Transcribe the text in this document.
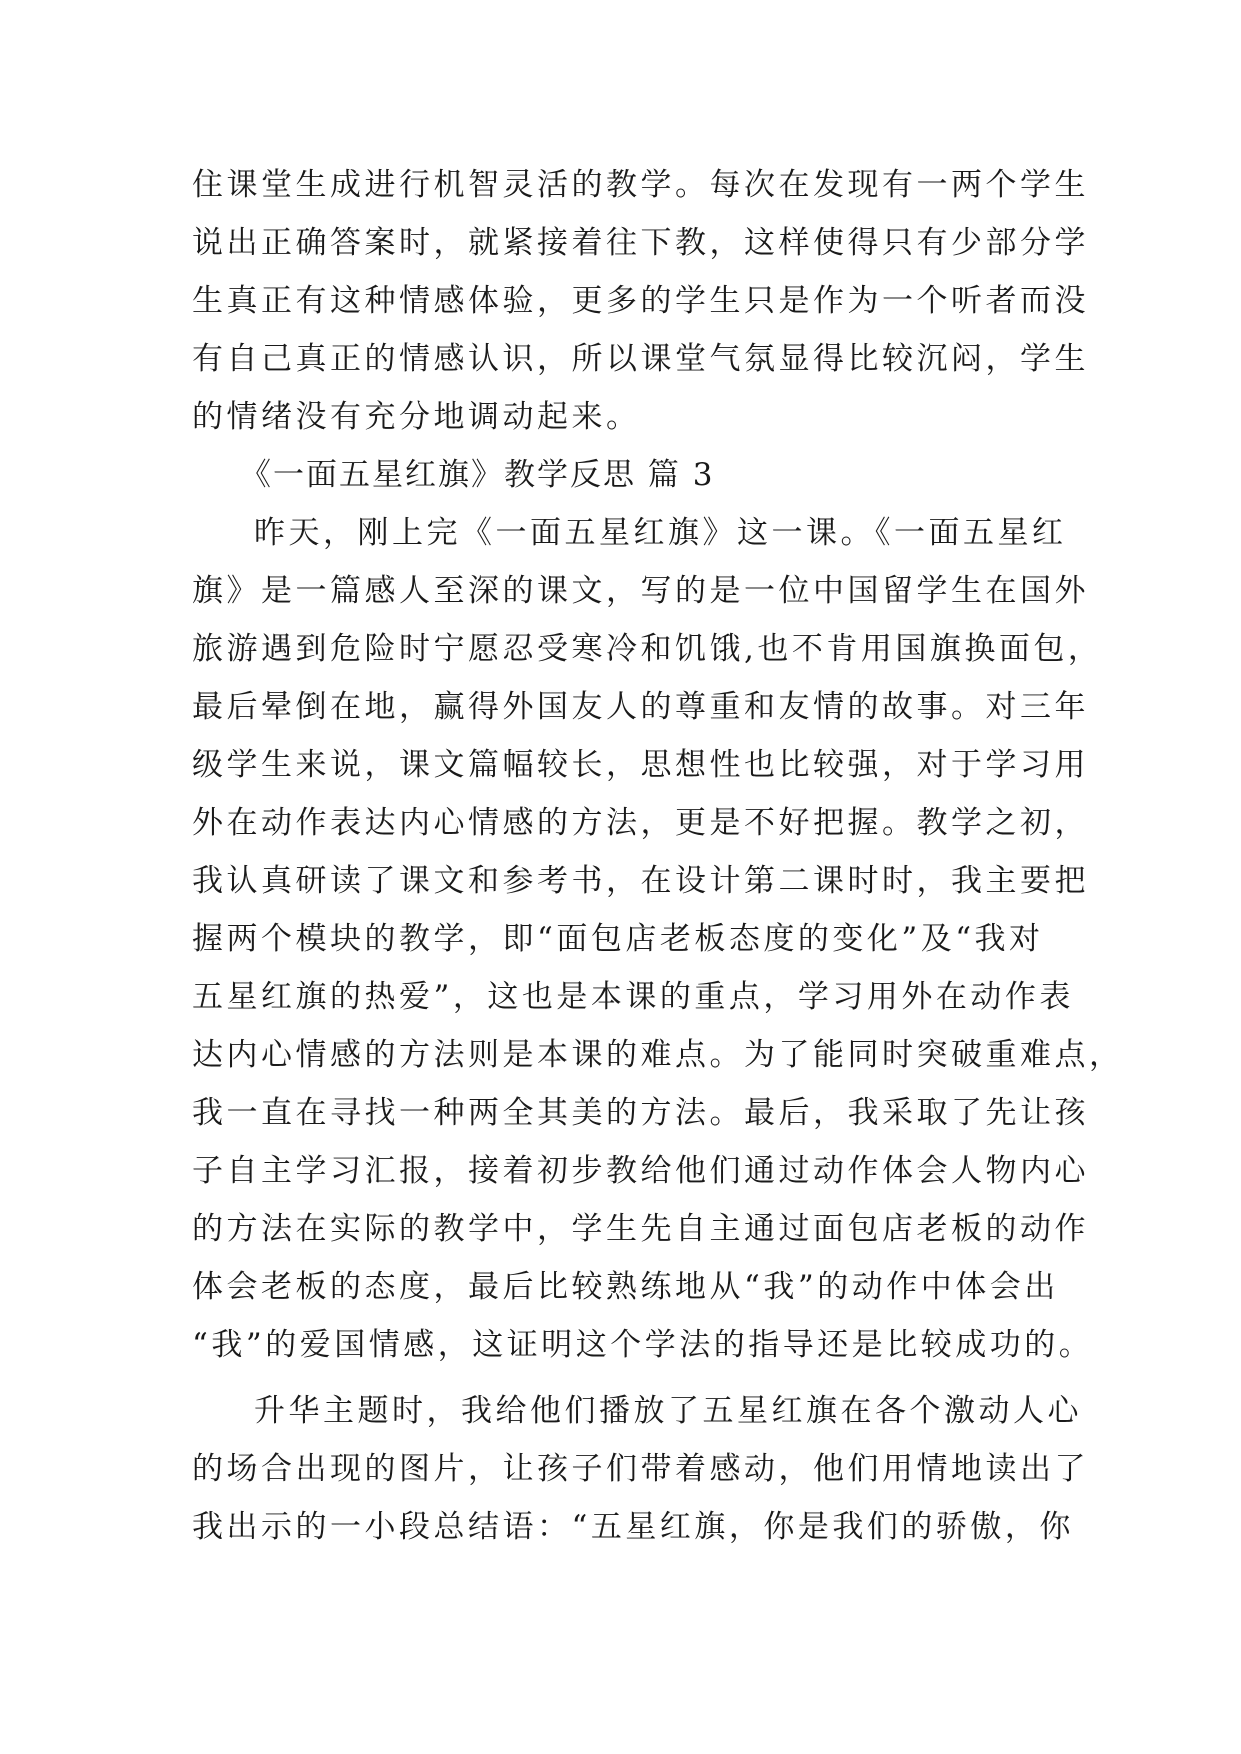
住课堂生成进行机智灵活的教学。每次在发现有一两个学生
说出正确答案时，就紧接着往下教，这样使得只有少部分学
生真正有这种情感体验，更多的学生只是作为一个听者而没
有自己真正的情感认识，所以课堂气氛显得比较沉闷，学生
的情绪没有充分地调动起来。
《一面五星红旗》教学反思 篇 3
昨天，刚上完《一面五星红旗》这一课。《一面五星红
旗》是一篇感人至深的课文，写的是一位中国留学生在国外
旅游遇到危险时宁愿忍受寒冷和饥饿,也不肯用国旗换面包，
最后晕倒在地，赢得外国友人的尊重和友情的故事。对三年
级学生来说，课文篇幅较长，思想性也比较强，对于学习用
外在动作表达内心情感的方法，更是不好把握。教学之初，
我认真研读了课文和参考书，在设计第二课时时，我主要把
握两个模块的教学，即“面包店老板态度的变化”及“我对
五星红旗的热爱”，这也是本课的重点，学习用外在动作表
达内心情感的方法则是本课的难点。为了能同时突破重难点，
我一直在寻找一种两全其美的方法。最后，我采取了先让孩
子自主学习汇报，接着初步教给他们通过动作体会人物内心
的方法在实际的教学中，学生先自主通过面包店老板的动作
体会老板的态度，最后比较熟练地从“我”的动作中体会出
“我”的爱国情感，这证明这个学法的指导还是比较成功的。
升华主题时，我给他们播放了五星红旗在各个激动人心
的场合出现的图片，让孩子们带着感动，他们用情地读出了
我出示的一小段总结语：“五星红旗，你是我们的骄傲，你
